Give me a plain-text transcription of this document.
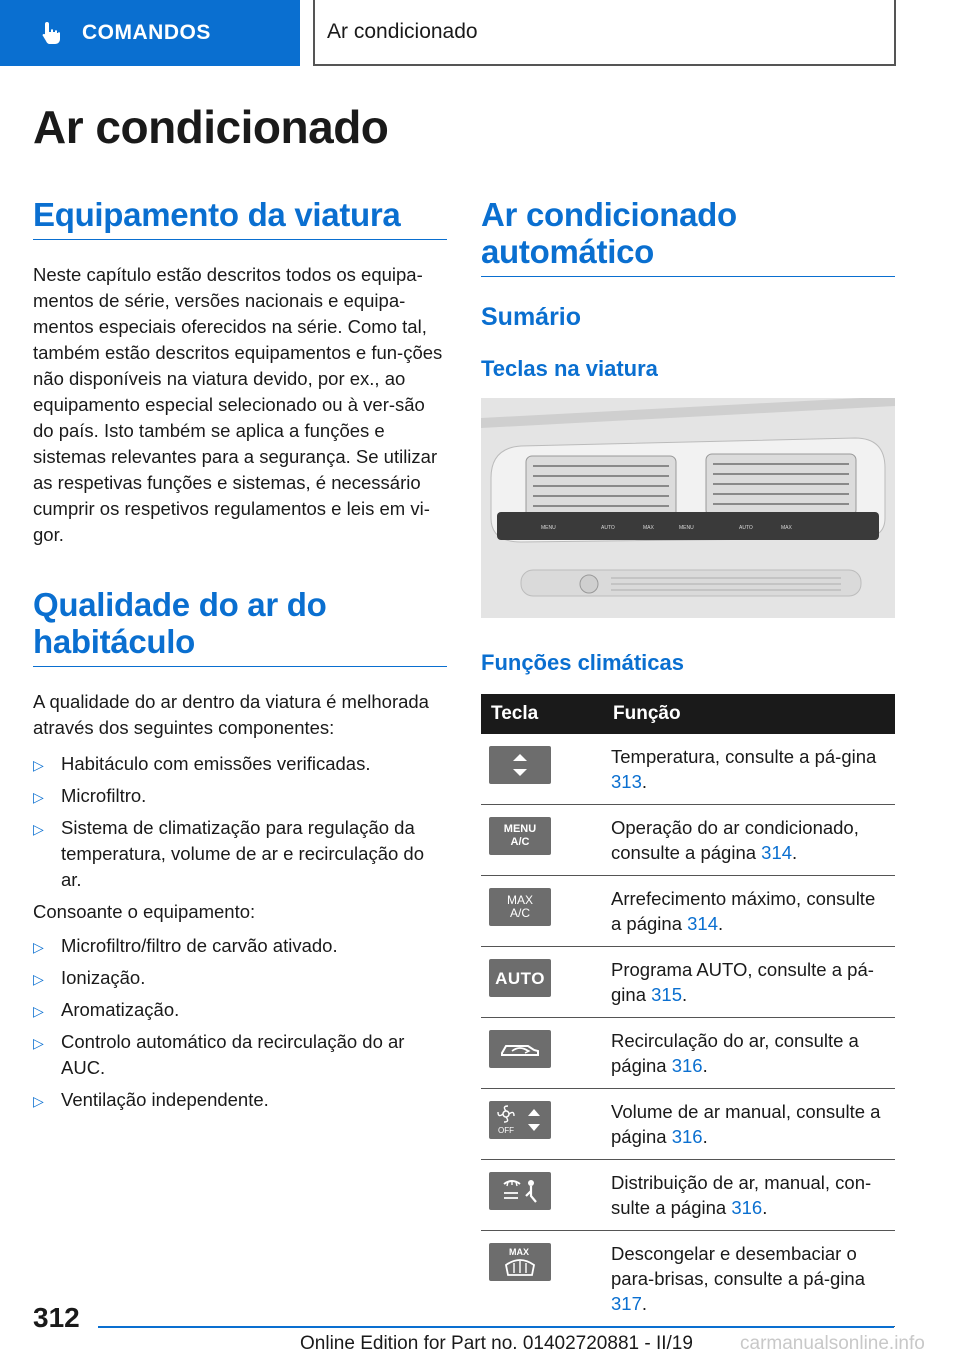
COMANDOS	Ar condicionado
Ar condicionado
Equipamento da viatura

Neste capítulo estão descritos todos os equipa-mentos de série, versões nacionais e equipa-mentos especiais oferecidos na série. Como tal, também estão descritos equipamentos e fun-ções não disponíveis na viatura devido, por ex., ao equipamento especial selecionado ou à ver-são do país. Isto também se aplica a funções e sistemas relevantes para a segurança. Se utilizar as respetivas funções e sistemas, é necessário cumprir os respetivos regulamentos e leis em vi-gor.

Qualidade do ar do habitáculo

A qualidade do ar dentro da viatura é melhorada através dos seguintes componentes:

▷ Habitáculo com emissões verificadas.
▷ Microfiltro.
▷ Sistema de climatização para regulação da temperatura, volume de ar e recirculação do ar.

Consoante o equipamento:

▷ Microfiltro/filtro de carvão ativado.
▷ Ionização.
▷ Aromatização.
▷ Controlo automático da recirculação do ar AUC.
▷ Ventilação independente.
Ar condicionado automático
Sumário
Teclas na viatura
MENU	AUTO	MAX	MENU	AUTO	MAX
Funções climáticas
Tecla	Função

	Temperatura, consulte a pá-gina 313.

MENU A/C	Operação do ar condicionado, consulte a página 314.

MAX A/C	Arrefecimento máximo, consulte a página 314.

AUTO	Programa AUTO, consulte a pá-gina 315.

	Recirculação do ar, consulte a página 316.

OFF	Volume de ar manual, consulte a página 316.

	Distribuição de ar, manual, con-sulte a página 316.

MAX	Descongelar e desembaciar o para-brisas, consulte a pá-gina 317.
312
Online Edition for Part no. 01402720881 - II/19 carmanualsonline.info
